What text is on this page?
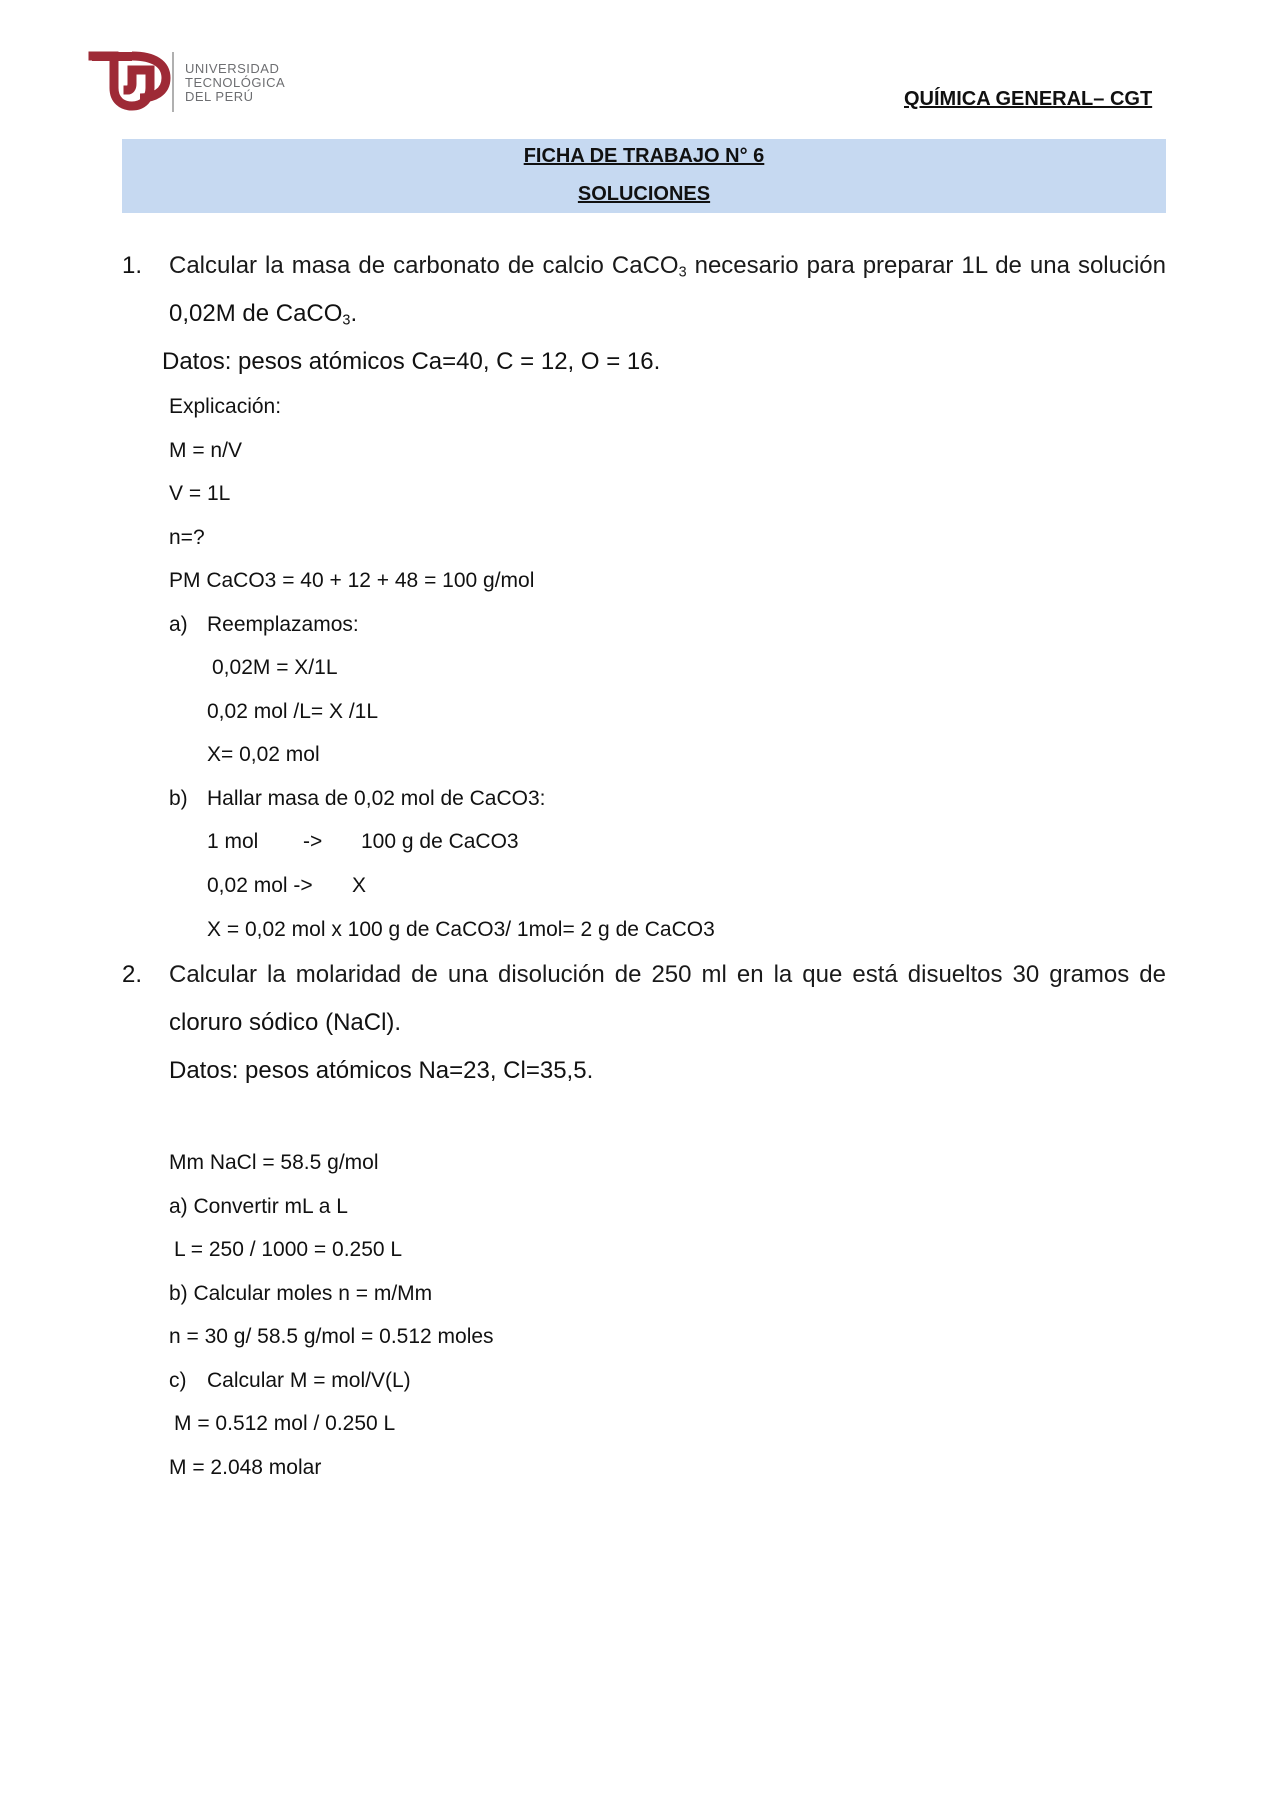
UNIVERSIDAD
TECNOLÓGICA
DEL PERÚ	QUÍMICA GENERAL– CGT
FICHA DE TRABAJO N° 6
SOLUCIONES
1. Calcular la masa de carbonato de calcio CaCO$_3$ necesario para preparar 1L de una solución
0,02M de CaCO$_3$.
Datos: pesos atómicos Ca=40, C = 12, O = 16.
Explicación:
M = n/V
V = 1L
n=?
PM CaCO3 = 40 + 12 + 48 = 100 g/mol
a) Reemplazamos:
0,02M = X/1L
0,02 mol /L= X /1L
X= 0,02 mol
b) Hallar masa de 0,02 mol de CaCO3:
1 mol -> 100 g de CaCO3
0,02 mol -> X
X = 0,02 mol x 100 g de CaCO3/ 1mol= 2 g de CaCO3
2. Calcular la molaridad de una disolución de 250 ml en la que está disueltos 30 gramos de
cloruro sódico (NaCl).
Datos: pesos atómicos Na=23, Cl=35,5.
Mm NaCl = 58.5 g/mol
a) Convertir mL a L
L = 250 / 1000 = 0.250 L
b) Calcular moles n = m/Mm
n = 30 g/ 58.5 g/mol = 0.512 moles
c) Calcular M = mol/V(L)
M = 0.512 mol / 0.250 L
M = 2.048 molar
